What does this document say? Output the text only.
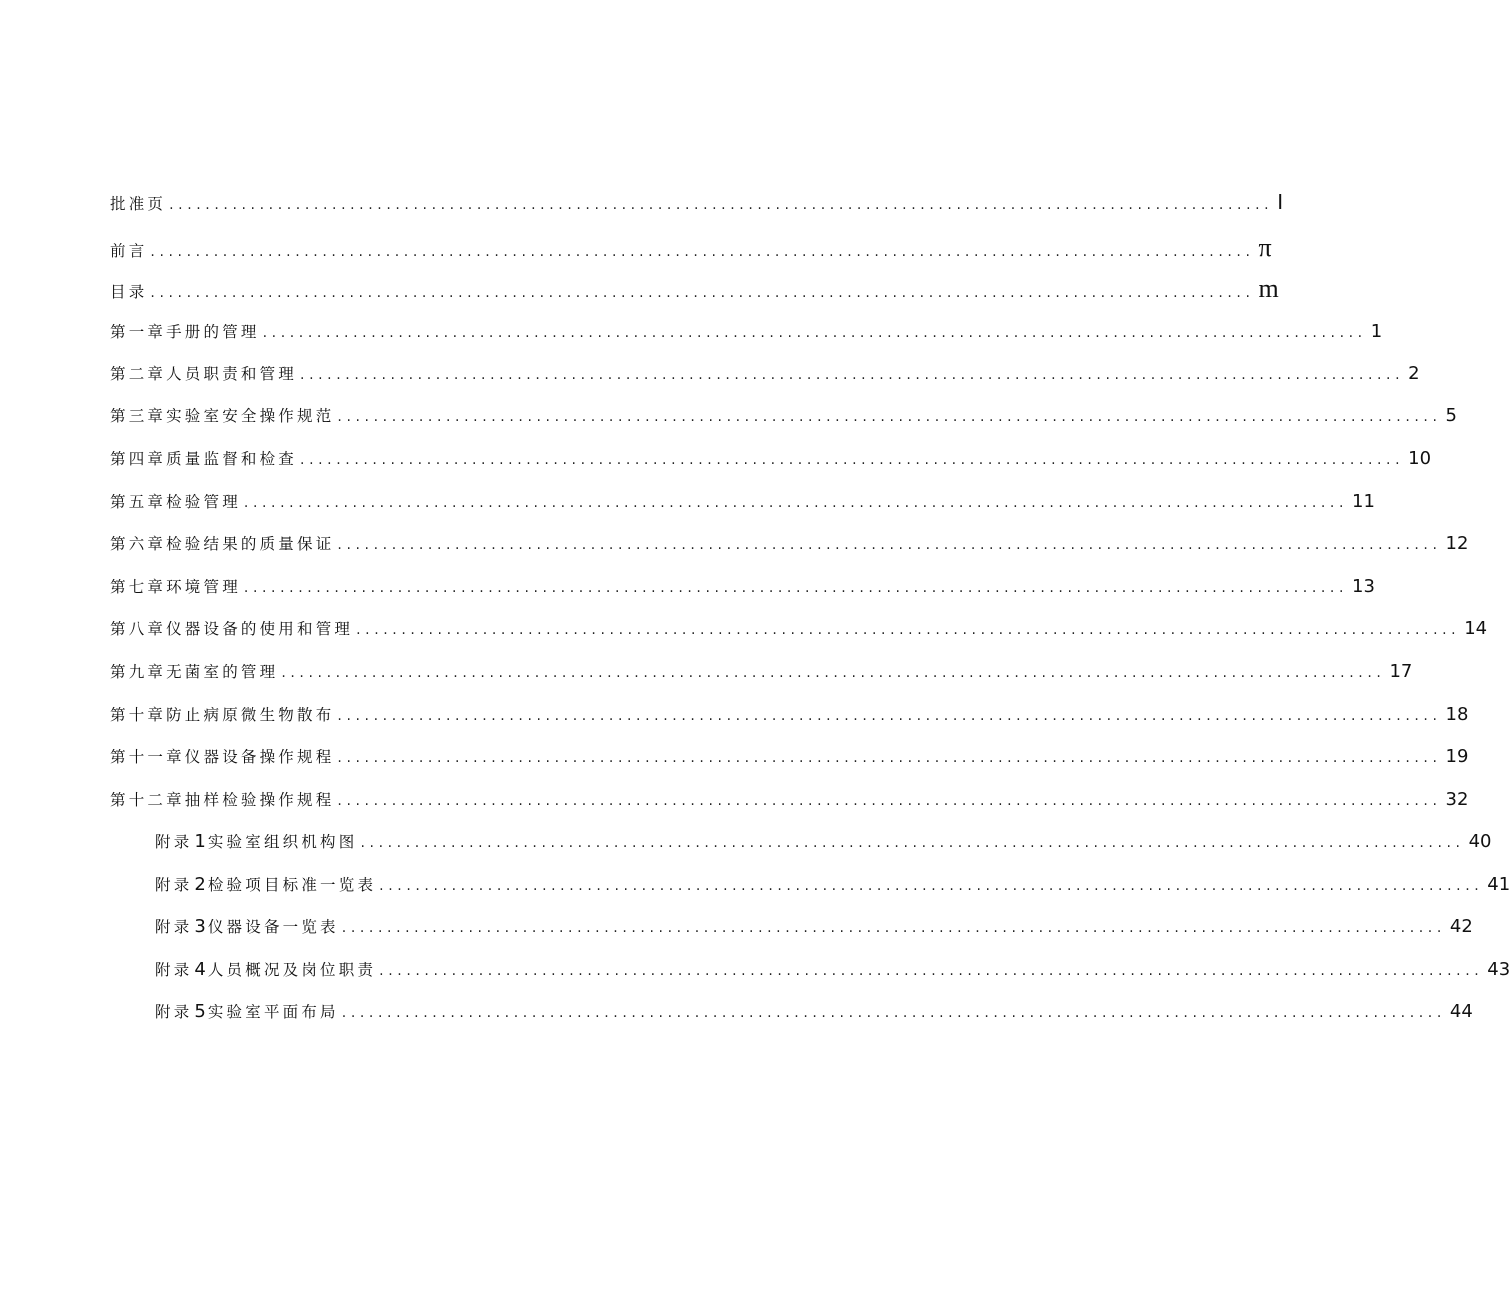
批准页 .......................................................................................................................... I
前言 .......................................................................................................................... π
目录 .......................................................................................................................... m
第一章手册的管理 .......................................................................................................................... 1
第二章人员职责和管理 .......................................................................................................................... 2
第三章实验室安全操作规范 .......................................................................................................................... 5
第四章质量监督和检查 .......................................................................................................................... 10
第五章检验管理 .......................................................................................................................... 11
第六章检验结果的质量保证 .......................................................................................................................... 12
第七章环境管理 .......................................................................................................................... 13
第八章仪器设备的使用和管理 .......................................................................................................................... 14
第九章无菌室的管理 .......................................................................................................................... 17
第十章防止病原微生物散布 .......................................................................................................................... 18
第十一章仪器设备操作规程 .......................................................................................................................... 19
第十二章抽样检验操作规程 .......................................................................................................................... 32
附录 1 实验室组织机构图 .......................................................................................................................... 40
附录 2 检验项目标准一览表 .......................................................................................................................... 41
附录 3 仪器设备一览表 .......................................................................................................................... 42
附录 4 人员概况及岗位职责 .......................................................................................................................... 43
附录 5 实验室平面布局 .......................................................................................................................... 44
